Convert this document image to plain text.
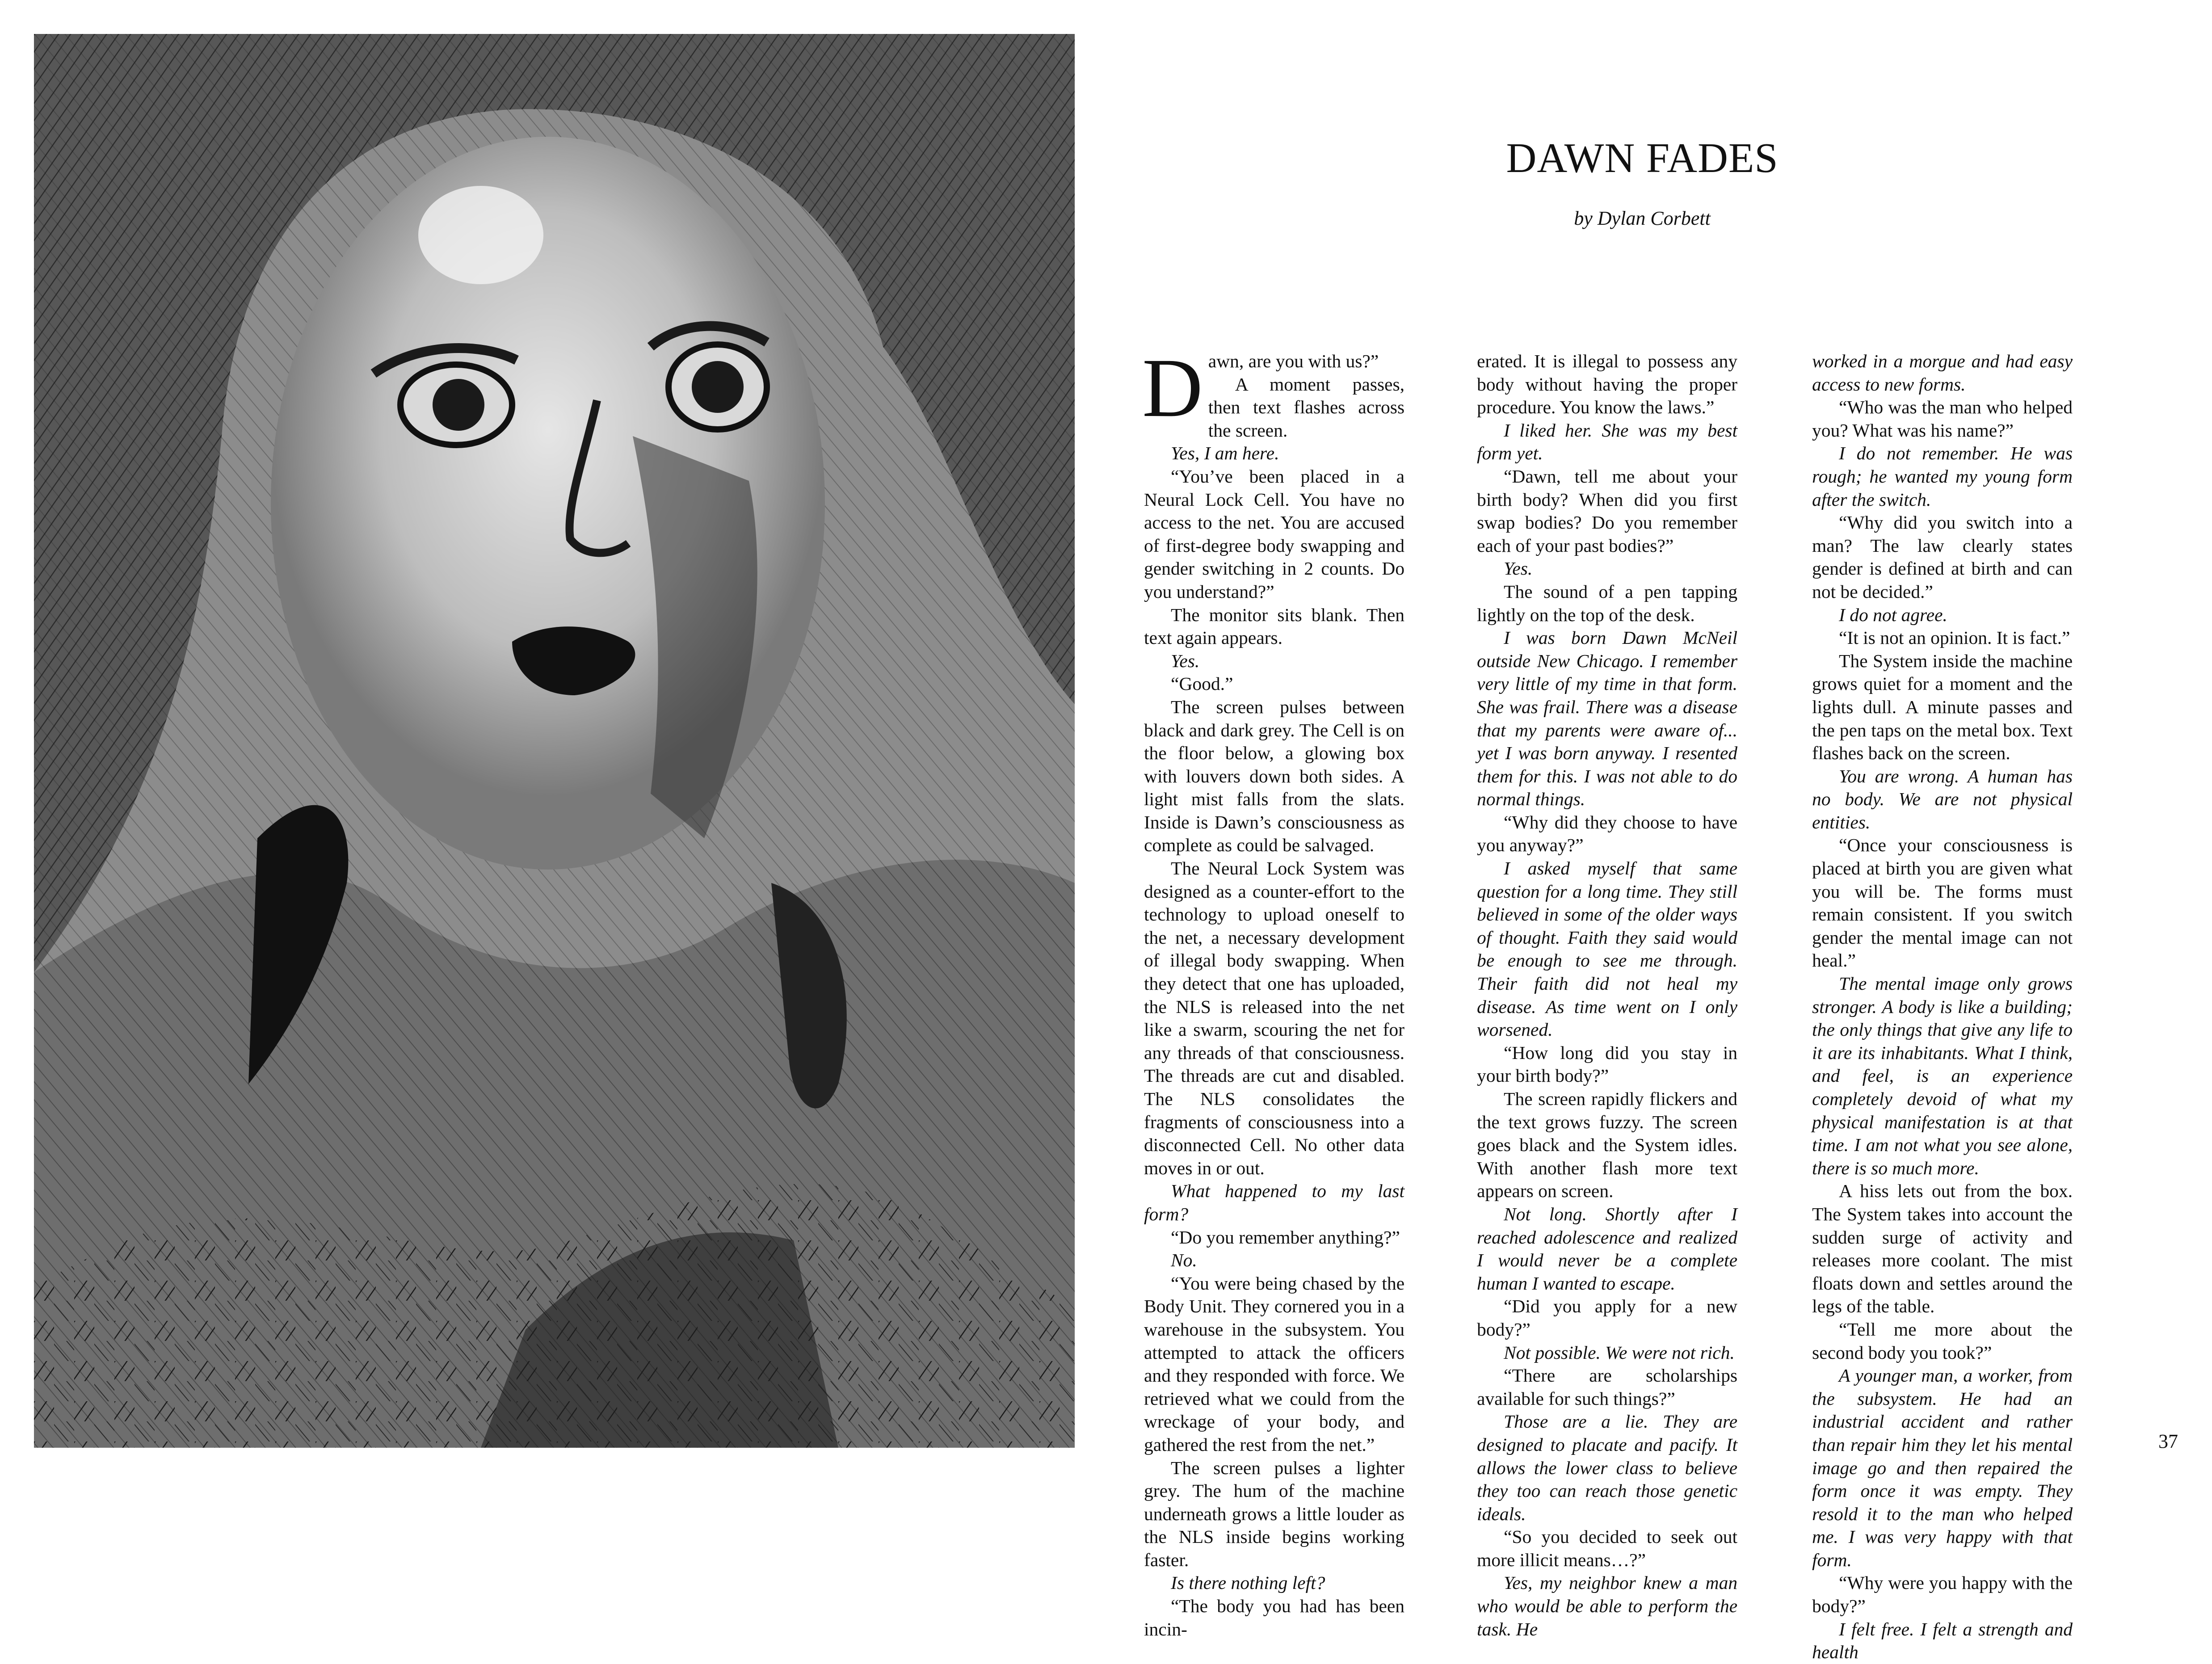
DAWN FADES
by Dylan Corbett

Dawn, are you with us?”

A moment passes, then text flashes across the screen.

Yes, I am here.

“You’ve been placed in a Neural Lock Cell. You have no access to the net. You are accused of first-degree body swapping and gender switching in 2 counts. Do you understand?”

The monitor sits blank. Then text again appears.

Yes.

“Good.”

The screen pulses between black and dark grey. The Cell is on the floor below, a glowing box with louvers down both sides. A light mist falls from the slats. Inside is Dawn’s consciousness as complete as could be salvaged.

The Neural Lock System was designed as a counter-effort to the technology to upload oneself to the net, a necessary development of illegal body swapping. When they detect that one has uploaded, the NLS is released into the net like a swarm, scouring the net for any threads of that consciousness. The threads are cut and disabled. The NLS consolidates the fragments of consciousness into a disconnected Cell. No other data moves in or out.

What happened to my last form?

“Do you remember anything?”

No.

“You were being chased by the Body Unit. They cornered you in a warehouse in the subsystem. You attempted to attack the officers and they responded with force. We retrieved what we could from the wreckage of your body, and gathered the rest from the net.”

The screen pulses a lighter grey. The hum of the machine underneath grows a little louder as the NLS inside begins working faster.

Is there nothing left?

“The body you had has been incin-

erated. It is illegal to possess any body without having the proper procedure. You know the laws.”

I liked her. She was my best form yet.

“Dawn, tell me about your birth body? When did you first swap bodies? Do you remember each of your past bodies?”

Yes.

The sound of a pen tapping lightly on the top of the desk.

I was born Dawn McNeil outside New Chicago. I remember very little of my time in that form. She was frail. There was a disease that my parents were aware of... yet I was born anyway. I resented them for this. I was not able to do normal things.

“Why did they choose to have you anyway?”

I asked myself that same question for a long time. They still believed in some of the older ways of thought. Faith they said would be enough to see me through. Their faith did not heal my disease. As time went on I only worsened.

“How long did you stay in your birth body?”

The screen rapidly flickers and the text grows fuzzy. The screen goes black and the System idles. With another flash more text appears on screen.

Not long. Shortly after I reached adolescence and realized I would never be a complete human I wanted to escape.

“Did you apply for a new body?”

Not possible. We were not rich.

“There are scholarships available for such things?”

Those are a lie. They are designed to placate and pacify. It allows the lower class to believe they too can reach those genetic ideals.

“So you decided to seek out more illicit means…?”

Yes, my neighbor knew a man who would be able to perform the task. He

worked in a morgue and had easy access to new forms.

“Who was the man who helped you? What was his name?”

I do not remember. He was rough; he wanted my young form after the switch.

“Why did you switch into a man? The law clearly states gender is defined at birth and can not be decided.”

I do not agree.

“It is not an opinion. It is fact.”

The System inside the machine grows quiet for a moment and the lights dull. A minute passes and the pen taps on the metal box. Text flashes back on the screen.

You are wrong. A human has no body. We are not physical entities.

“Once your consciousness is placed at birth you are given what you will be. The forms must remain consistent. If you switch gender the mental image can not heal.”

The mental image only grows stronger. A body is like a building; the only things that give any life to it are its inhabitants. What I think, and feel, is an experience completely devoid of what my physical manifestation is at that time. I am not what you see alone, there is so much more.

A hiss lets out from the box. The System takes into account the sudden surge of activity and releases more coolant. The mist floats down and settles around the legs of the table.

“Tell me more about the second body you took?”

A younger man, a worker, from the subsystem. He had an industrial accident and rather than repair him they let his mental image go and then repaired the form once it was empty. They resold it to the man who helped me. I was very happy with that form.

“Why were you happy with the body?”

I felt free. I felt a strength and health

37
